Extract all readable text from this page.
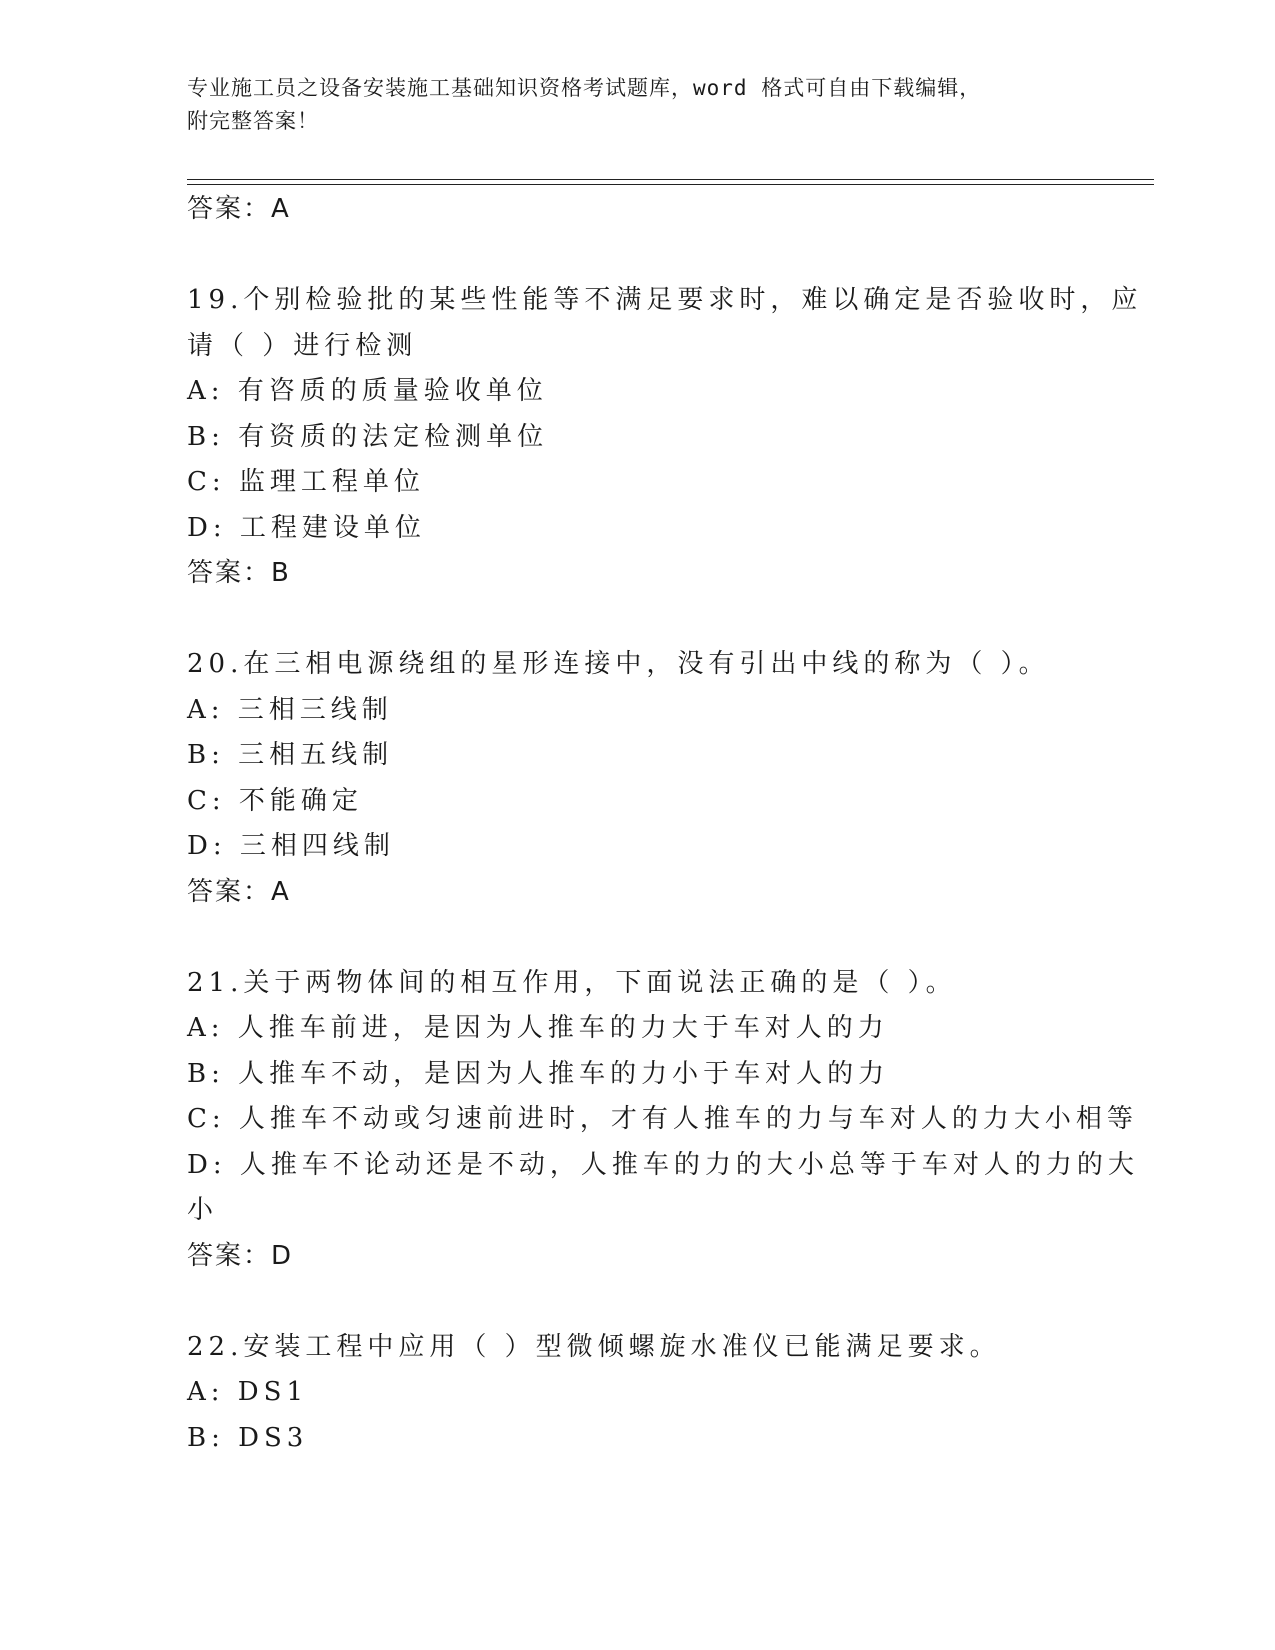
专业施工员之设备安装施工基础知识资格考试题库，word 格式可自由下载编辑，
附完整答案！
答案：A
19.个别检验批的某些性能等不满足要求时，难以确定是否验收时，应
请（ ）进行检测
A: 有咨质的质量验收单位
B: 有资质的法定检测单位
C: 监理工程单位
D: 工程建设单位
答案：B
20.在三相电源绕组的星形连接中，没有引出中线的称为（ ）。
A: 三相三线制
B: 三相五线制
C: 不能确定
D: 三相四线制
答案：A
21.关于两物体间的相互作用，下面说法正确的是（ ）。
A: 人推车前进，是因为人推车的力大于车对人的力
B: 人推车不动，是因为人推车的力小于车对人的力
C: 人推车不动或匀速前进时，才有人推车的力与车对人的力大小相等
D: 人推车不论动还是不动，人推车的力的大小总等于车对人的力的大
小
答案：D
22.安装工程中应用（ ）型微倾螺旋水准仪已能满足要求。
A: DS1
B: DS3
